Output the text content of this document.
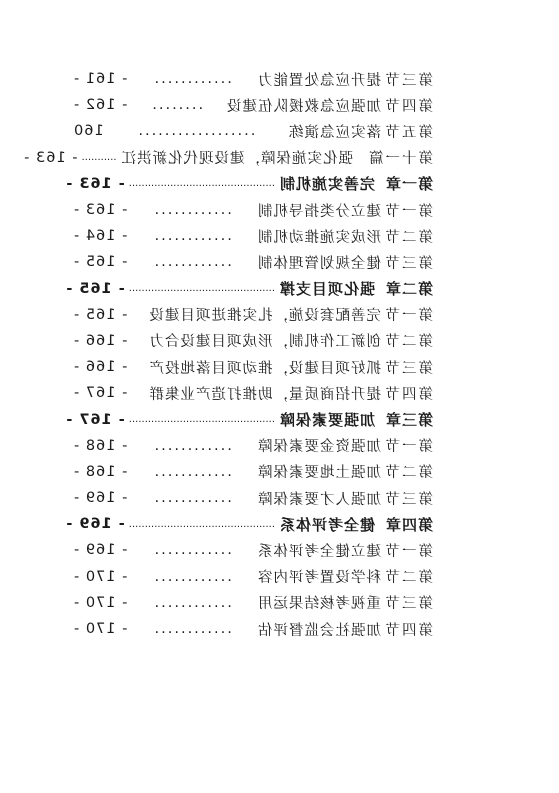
第三节
提升应急处置能力
............
- 161 -
第四节
加强应急救援队伍建设
........
- 162 -
第五节
落实应急演练
..................
160
第十一篇
强化实施保障，建设现代化新洪江
...........
- 163 -
第一章
完善实施机制
..............................................
- 163 -
第一节
建立分类指导机制
............
- 163 -
第二节
形成实施推动机制
............
- 164 -
第三节
健全规划管理体制
............
- 165 -
第二章
强化项目支撑
..............................................
- 165 -
第一节
完善配套设施，扎实推进项目建设
- 165 -
第二节
创新工作机制，形成项目建设合力
- 166 -
第三节
抓好项目建设，推动项目落地投产
- 166 -
第四节
提升招商质量，助推打造产业集群
- 167 -
第三章
加强要素保障
..............................................
- 167 -
第一节
加强资金要素保障
............
- 168 -
第二节
加强土地要素保障
............
- 168 -
第三节
加强人才要素保障
............
- 169 -
第四章
健全考评体系
..............................................
- 169 -
第一节
建立健全考评体系
............
- 169 -
第二节
科学设置考评内容
............
- 170 -
第三节
重视考核结果运用
............
- 170 -
第四节
加强社会监督评估
............
- 170 -
